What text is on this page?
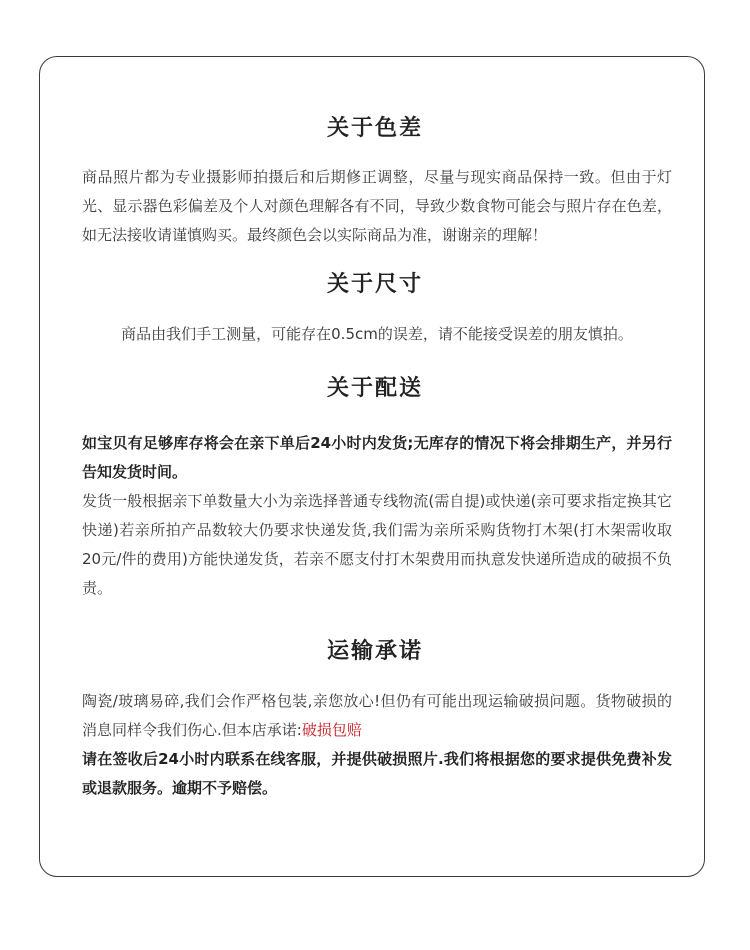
关于色差

商品照片都为专业摄影师拍摄后和后期修正调整，尽量与现实商品保持一致。但由于灯光、显示器色彩偏差及个人对颜色理解各有不同，导致少数食物可能会与照片存在色差，如无法接收请谨慎购买。最终颜色会以实际商品为准，谢谢亲的理解！

关于尺寸

商品由我们手工测量，可能存在0.5cm的误差，请不能接受误差的朋友慎拍。

关于配送

如宝贝有足够库存将会在亲下单后24小时内发货;无库存的情况下将会排期生产，并另行告知发货时间。

发货一般根据亲下单数量大小为亲选择普通专线物流(需自提)或快递(亲可要求指定换其它快递)若亲所拍产品数较大仍要求快递发货,我们需为亲所采购货物打木架(打木架需收取20元/件的费用)方能快递发货，若亲不愿支付打木架费用而执意发快递所造成的破损不负责。

运输承诺

陶瓷/玻璃易碎,我们会作严格包装,亲您放心!但仍有可能出现运输破损问题。货物破损的消息同样令我们伤心.但本店承诺:破损包赔

请在签收后24小时内联系在线客服，并提供破损照片.我们将根据您的要求提供免费补发或退款服务。逾期不予赔偿。
